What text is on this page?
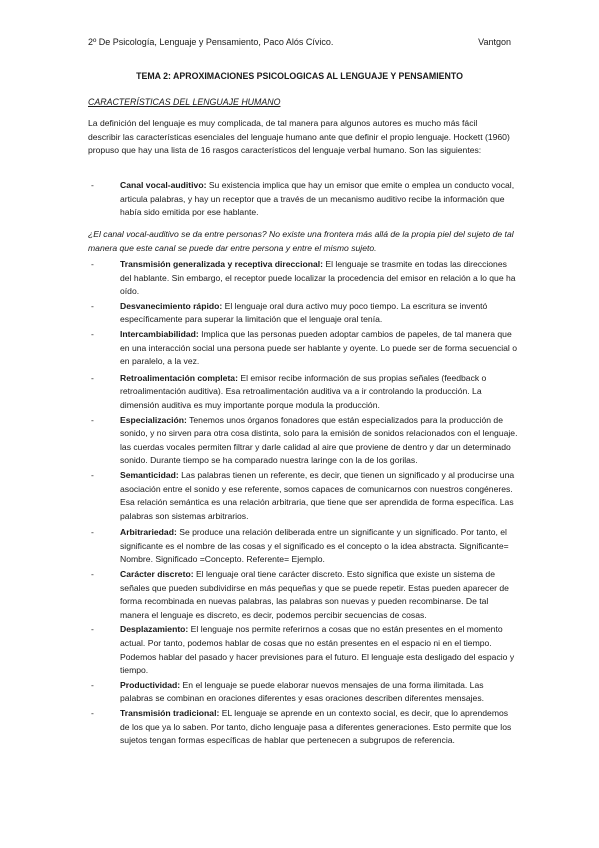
2º De Psicología, Lenguaje y Pensamiento, Paco Alós Cívico.	Vantgon
TEMA 2: APROXIMACIONES PSICOLOGICAS AL LENGUAJE Y PENSAMIENTO
CARACTERÍSTICAS DEL LENGUAJE HUMANO
La definición del lenguaje es muy complicada, de tal manera para algunos autores es mucho más fácil describir las características esenciales del lenguaje humano ante que definir el propio lenguaje. Hockett (1960) propuso que hay una lista de 16 rasgos característicos del lenguaje verbal humano. Son las siguientes:
-	Canal vocal-auditivo: Su existencia implica que hay un emisor que emite o emplea un conducto vocal, articula palabras, y hay un receptor que a través de un mecanismo auditivo recibe la información que había sido emitida por ese hablante.
¿El canal vocal-auditivo se da entre personas? No existe una frontera más allá de la propia piel del sujeto de tal manera que este canal se puede dar entre persona y entre el mismo sujeto.
-	Transmisión generalizada y receptiva direccional: El lenguaje se trasmite en todas las direcciones del hablante. Sin embargo, el receptor puede localizar la procedencia del emisor en relación a lo que ha oído.
-	Desvanecimiento rápido: El lenguaje oral dura activo muy poco tiempo. La escritura se inventó específicamente para superar la limitación que el lenguaje oral tenía.
-	Intercambiabilidad: Implica que las personas pueden adoptar cambios de papeles, de tal manera que en una interacción social una persona puede ser hablante y oyente. Lo puede ser de forma secuencial o en paralelo, a la vez.
-	Retroalimentación completa: El emisor recibe información de sus propias señales (feedback o retroalimentación auditiva). Esa retroalimentación auditiva va a ir controlando la producción. La dimensión auditiva es muy importante porque modula la producción.
-	Especialización: Tenemos unos órganos fonadores que están especializados para la producción de sonido, y no sirven para otra cosa distinta, solo para la emisión de sonidos relacionados con el lenguaje. las cuerdas vocales permiten filtrar y darle calidad al aire que proviene de dentro y dar un determinado sonido. Durante tiempo se ha comparado nuestra laringe con la de los gorilas.
-	Semanticidad: Las palabras tienen un referente, es decir, que tienen un significado y al producirse una asociación entre el sonido y ese referente, somos capaces de comunicarnos con nuestros congéneres. Esa relación semántica es una relación arbitraria, que tiene que ser aprendida de forma específica. Las palabras son sistemas arbitrarios.
-	Arbitrariedad: Se produce una relación deliberada entre un significante y un significado. Por tanto, el significante es el nombre de las cosas y el significado es el concepto o la idea abstracta. Significante= Nombre. Significado =Concepto. Referente= Ejemplo.
-	Carácter discreto: El lenguaje oral tiene carácter discreto. Esto significa que existe un sistema de señales que pueden subdividirse en más pequeñas y que se puede repetir. Estas pueden aparecer de forma recombinada en nuevas palabras, las palabras son nuevas y pueden recombinarse. De tal manera el lenguaje es discreto, es decir, podemos percibir secuencias de cosas.
-	Desplazamiento: El lenguaje nos permite referirnos a cosas que no están presentes en el momento actual. Por tanto, podemos hablar de cosas que no están presentes en el espacio ni en el tiempo. Podemos hablar del pasado y hacer previsiones para el futuro. El lenguaje esta desligado del espacio y tiempo.
-	Productividad: En el lenguaje se puede elaborar nuevos mensajes de una forma ilimitada. Las palabras se combinan en oraciones diferentes y esas oraciones describen diferentes mensajes.
-	Transmisión tradicional: EL lenguaje se aprende en un contexto social, es decir, que lo aprendemos de los que ya lo saben. Por tanto, dicho lenguaje pasa a diferentes generaciones. Esto permite que los sujetos tengan formas específicas de hablar que pertenecen a subgrupos de referencia.
